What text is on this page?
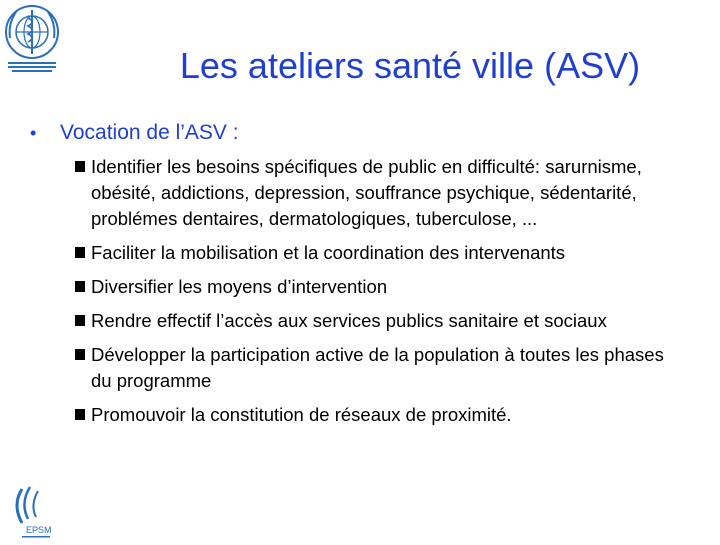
Les ateliers santé ville (ASV)
•	Vocation de l’ASV :
Identifier les besoins spécifiques de public en difficulté: sarurnisme, obésité, addictions, depression, souffrance psychique, sédentarité, problémes dentaires, dermatologiques, tuberculose, ...
Faciliter la mobilisation et la coordination des intervenants
Diversifier les moyens d’intervention
Rendre effectif l’accès aux services publics sanitaire et sociaux
Développer la participation active de la population à toutes les phases du programme
Promouvoir la constitution de réseaux de proximité.
EPSM
